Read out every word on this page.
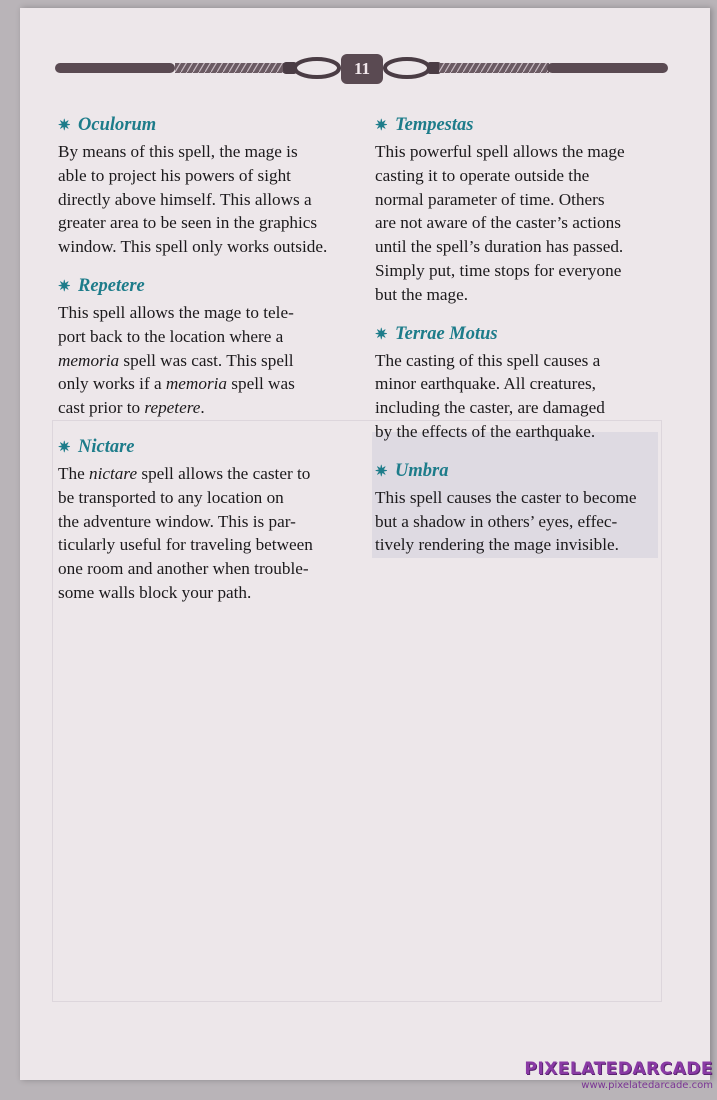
11
✷ Oculorum

By means of this spell, the mage is

able to project his powers of sight

directly above himself. This allows a

greater area to be seen in the graphics

window. This spell only works outside.

✷ Repetere

This spell allows the mage to tele-

port back to the location where a

memoria spell was cast. This spell

only works if a memoria spell was

cast prior to repetere.

✷ Nictare

The nictare spell allows the caster to

be transported to any location on

the adventure window. This is par-

ticularly useful for traveling between

one room and another when trouble-

some walls block your path.

✷ Tempestas

This powerful spell allows the mage

casting it to operate outside the

normal parameter of time. Others

are not aware of the caster’s actions

until the spell’s duration has passed.

Simply put, time stops for everyone

but the mage.

✷ Terrae Motus

The casting of this spell causes a

minor earthquake. All creatures,

including the caster, are damaged

by the effects of the earthquake.

✷ Umbra

This spell causes the caster to become

but a shadow in others’ eyes, effec-

tively rendering the mage invisible.

PIXELATEDARCADE
www.pixelatedarcade.com
